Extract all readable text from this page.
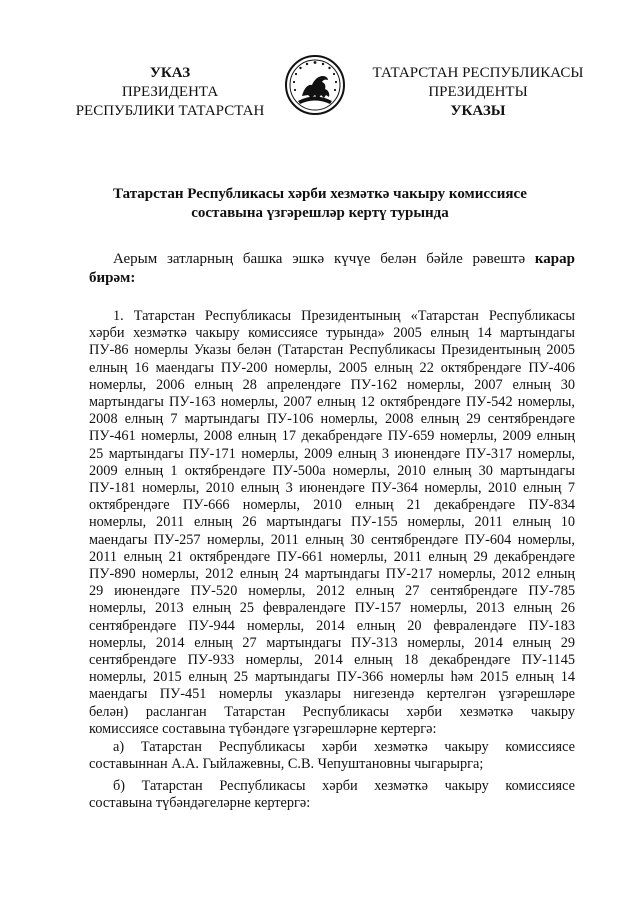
УКАЗ
ПРЕЗИДЕНТА
РЕСПУБЛИКИ ТАТАРСТАН
ТАТАРСТАН РЕСПУБЛИКАСЫ
ПРЕЗИДЕНТЫ
УКАЗЫ
Татарстан Республикасы хәрби хезмәткә чакыру комиссиясе
составына үзгәрешләр кертү турында
Аерым затларның башка эшкә күчүе белән бәйле рәвештә карар бирәм:
1. Татарстан Республикасы Президентының «Татарстан Республикасы
хәрби хезмәткә чакыру комиссиясе турында» 2005 елның 14 мартындагы
ПУ-86 номерлы Указы белән (Татарстан Республикасы Президентының 2005
елның 16 маендагы ПУ-200 номерлы, 2005 елның 22 октябрендәге ПУ-406
номерлы, 2006 елның 28 апрелендәге ПУ-162 номерлы, 2007 елның 30
мартындагы ПУ-163 номерлы, 2007 елның 12 октябрендәге ПУ-542 номерлы,
2008 елның 7 мартындагы ПУ-106 номерлы, 2008 елның 29 сентябрендәге
ПУ-461 номерлы, 2008 елның 17 декабрендәге ПУ-659 номерлы, 2009 елның
25 мартындагы ПУ-171 номерлы, 2009 елның 3 июнендәге ПУ-317 номерлы,
2009 елның 1 октябрендәге ПУ-500а номерлы, 2010 елның 30 мартындагы
ПУ-181 номерлы, 2010 елның 3 июнендәге ПУ-364 номерлы, 2010 елның 7
октябрендәге ПУ-666 номерлы, 2010 елның 21 декабрендәге ПУ-834
номерлы, 2011 елның 26 мартындагы ПУ-155 номерлы, 2011 елның 10
маендагы ПУ-257 номерлы, 2011 елның 30 сентябрендәге ПУ-604 номерлы,
2011 елның 21 октябрендәге ПУ-661 номерлы, 2011 елның 29 декабрендәге
ПУ-890 номерлы, 2012 елның 24 мартындагы ПУ-217 номерлы, 2012 елның
29 июнендәге ПУ-520 номерлы, 2012 елның 27 сентябрендәге ПУ-785
номерлы, 2013 елның 25 февралендәге ПУ-157 номерлы, 2013 елның 26
сентябрендәге ПУ-944 номерлы, 2014 елның 20 февралендәге ПУ-183
номерлы, 2014 елның 27 мартындагы ПУ-313 номерлы, 2014 елның 29
сентябрендәге ПУ-933 номерлы, 2014 елның 18 декабрендәге ПУ-1145
номерлы, 2015 елның 25 мартындагы ПУ-366 номерлы һәм 2015 елның 14
маендагы ПУ-451 номерлы указлары нигезендә кертелгән үзгәрешләре
белән) расланган Татарстан Республикасы хәрби хезмәткә чакыру
комиссиясе составына түбәндәге үзгәрешләрне кертергә:
а) Татарстан Республикасы хәрби хезмәткә чакыру комиссиясе
составыннан А.А. Гыйлажевны, С.В. Чепуштановны чыгарырга;
б) Татарстан Республикасы хәрби хезмәткә чакыру комиссиясе
составына түбәндәгеләрне кертергә:
